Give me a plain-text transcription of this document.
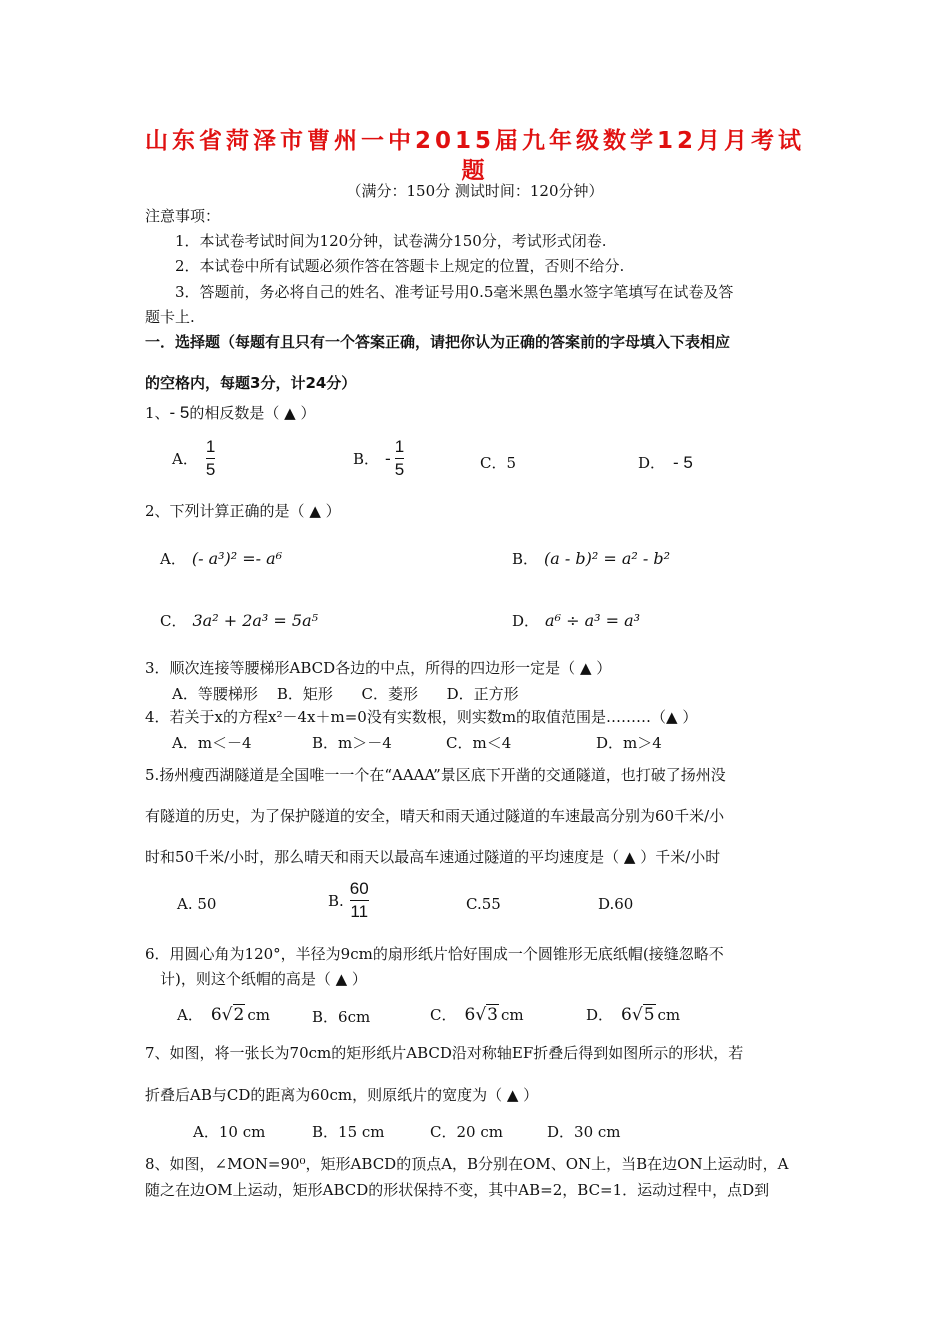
山东省菏泽市曹州一中2015届九年级数学12月月考试
题
（满分：150分 测试时间：120分钟）
注意事项：
1．本试卷考试时间为120分钟，试卷满分150分，考试形式闭卷.
2．本试卷中所有试题必须作答在答题卡上规定的位置，否则不给分.
3．答题前，务必将自己的姓名、准考证号用0.5毫米黑色墨水签字笔填写在试卷及答
题卡上.
一．选择题（每题有且只有一个答案正确，请把你认为正确的答案前的字母填入下表相应
的空格内，每题3分，计24分）
1、- 5的相反数是（ ▲ ）
A． $\frac{1}{5}$	B． - $\frac{1}{5}$	C．5	D． - 5
2、下列计算正确的是（ ▲ ）
A． (- a³)² =- a⁶	B． (a - b)² = a² - b²
C． 3a² + 2a³ = 5a⁵	D． a⁶ ÷ a³ = a³
3．顺次连接等腰梯形ABCD各边的中点，所得的四边形一定是（ ▲ ）
A．等腰梯形    B．矩形      C．菱形      D．正方形
4．若关于x的方程x²－4x＋m=0没有实数根，则实数m的取值范围是………（▲ ）
A．m＜－4	B．m＞－4	C．m＜4	D．m＞4
5.扬州瘦西湖隧道是全国唯一一个在“AAAA”景区底下开凿的交通隧道，也打破了扬州没
有隧道的历史，为了保护隧道的安全，晴天和雨天通过隧道的车速最高分别为60千米/小
时和50千米/小时，那么晴天和雨天以最高车速通过隧道的平均速度是（ ▲ ）千米/小时
A. 50	B. $\frac{60}{11}$	C.55	D.60
6．用圆心角为120°，半径为9cm的扇形纸片恰好围成一个圆锥形无底纸帽(接缝忽略不
计)，则这个纸帽的高是（ ▲ ）
A． 6√2 cm	B．6cm	C． 6√3 cm	D． 6√5 cm
7、如图，将一张长为70cm的矩形纸片ABCD沿对称轴EF折叠后得到如图所示的形状，若
折叠后AB与CD的距离为60cm，则原纸片的宽度为（ ▲ ）
A．10 cm	B．15 cm	C．20 cm	D．30 cm
8、如图，∠MON=90⁰，矩形ABCD的顶点A，B分别在OM、ON上，当B在边ON上运动时，A
随之在边OM上运动，矩形ABCD的形状保持不变，其中AB=2，BC=1．运动过程中，点D到
